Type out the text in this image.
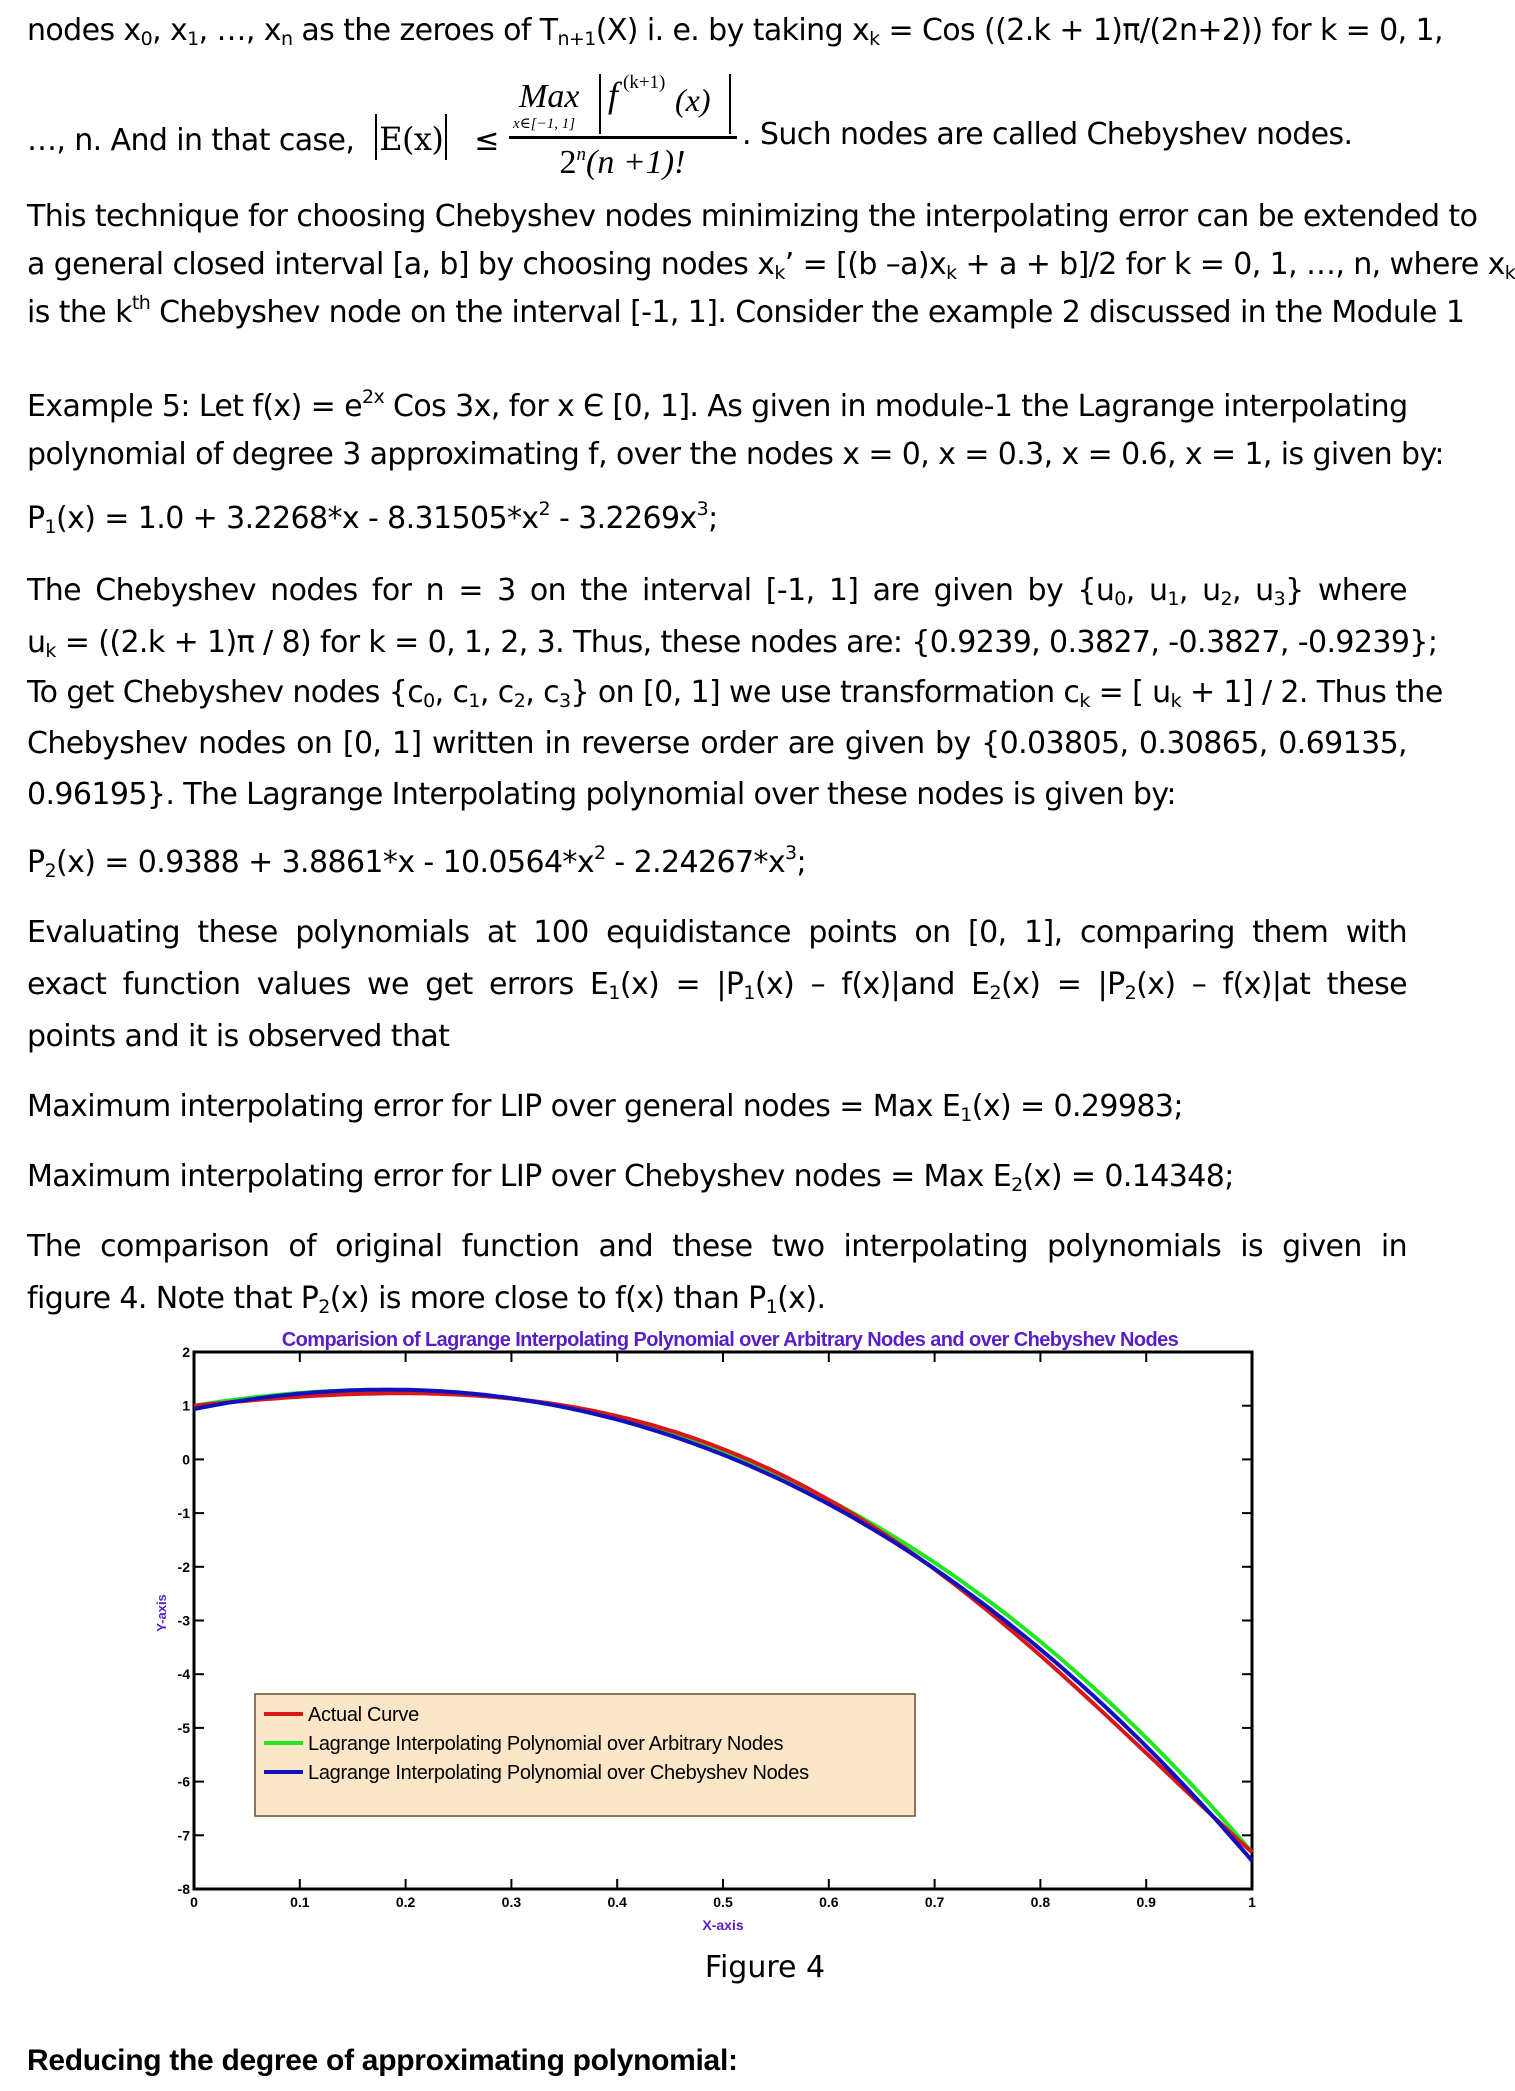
nodes $x_0$, $x_1$, …, $x_n$ as the zeroes of $T_{n+1}(X)$ i. e. by taking $x_k$ = Cos ((2.k + 1)π/(2n+2)) for k = 0, 1,
…, n. And in that case, E(x) ≤
Max
x∈[−1, 1]
f (k+1) (x)
$2^n(n +1)$!
. Such nodes are called Chebyshev nodes.
This technique for choosing Chebyshev nodes minimizing the interpolating error can be extended to
a general closed interval [a, b] by choosing nodes $x_k$’ = [(b $-a)x_k + a + b]/2$ for k = 0, 1, …, n, where $x_k$
is the $k^{th}$ Chebyshev node on the interval [-1, 1]. Consider the example 2 discussed in the Module 1
Example 5: Let $f(x) = e^{2x}$ Cos 3x, for x Є [0, 1]. As given in module-1 the Lagrange interpolating
polynomial of degree 3 approximating f, over the nodes x = 0, x = 0.3, x = 0.6, x = 1, is given by:
$P_1(x) = 1.0 + 3.2268*x - 8.31505*x^2 - 3.2269x^3$;
The Chebyshev nodes for n = 3 on the interval [-1, 1] are given by {$u_0$, $u_1$, $u_2$, $u_3$} where
$u_k = ((2.k + 1)\pi / 8)$ for k = 0, 1, 2, 3. Thus, these nodes are: {0.9239, 0.3827, -0.3827, -0.9239};
To get Chebyshev nodes {$c_0$, $c_1$, $c_2$, $c_3$} on [0, 1] we use transformation $c_k$ = [ $u_k + 1] / 2$. Thus the
Chebyshev nodes on [0, 1] written in reverse order are given by {0.03805, 0.30865, 0.69135,
0.96195}. The Lagrange Interpolating polynomial over these nodes is given by:
$P_2(x) = 0.9388 + 3.8861*x - 10.0564*x^2 - 2.24267*x^3$;
Evaluating these polynomials at 100 equidistance points on [0, 1], comparing them with
exact function values we get errors $E_1(x) = |P_1(x) - f(x)|and$ $E_2(x) = |P_2(x) - f(x)|at$ these
points and it is observed that
Maximum interpolating error for LIP over general nodes = Max $E_1(x) = 0.29983$;
Maximum interpolating error for LIP over Chebyshev nodes = Max $E_2(x) = 0.14348$;
The comparison of original function and these two interpolating polynomials is given in
figure 4. Note that $P_2(x)$ is more close to f(x) than $P_1(x)$.
Comparision of Lagrange Interpolating Polynomial over Arbitrary Nodes and over Chebyshev Nodes
0	0.1	0.2	0.3	0.4	0.5	0.6	0.7	0.8	0.9	1
2
1
0
-1
-2
-3
-4
-5
-6
-7
-8
Actual Curve
Lagrange Interpolating Polynomial over Arbitrary Nodes
Lagrange Interpolating Polynomial over Chebyshev Nodes
X-axis
Y-axis
Figure 4
Reducing the degree of approximating polynomial:
